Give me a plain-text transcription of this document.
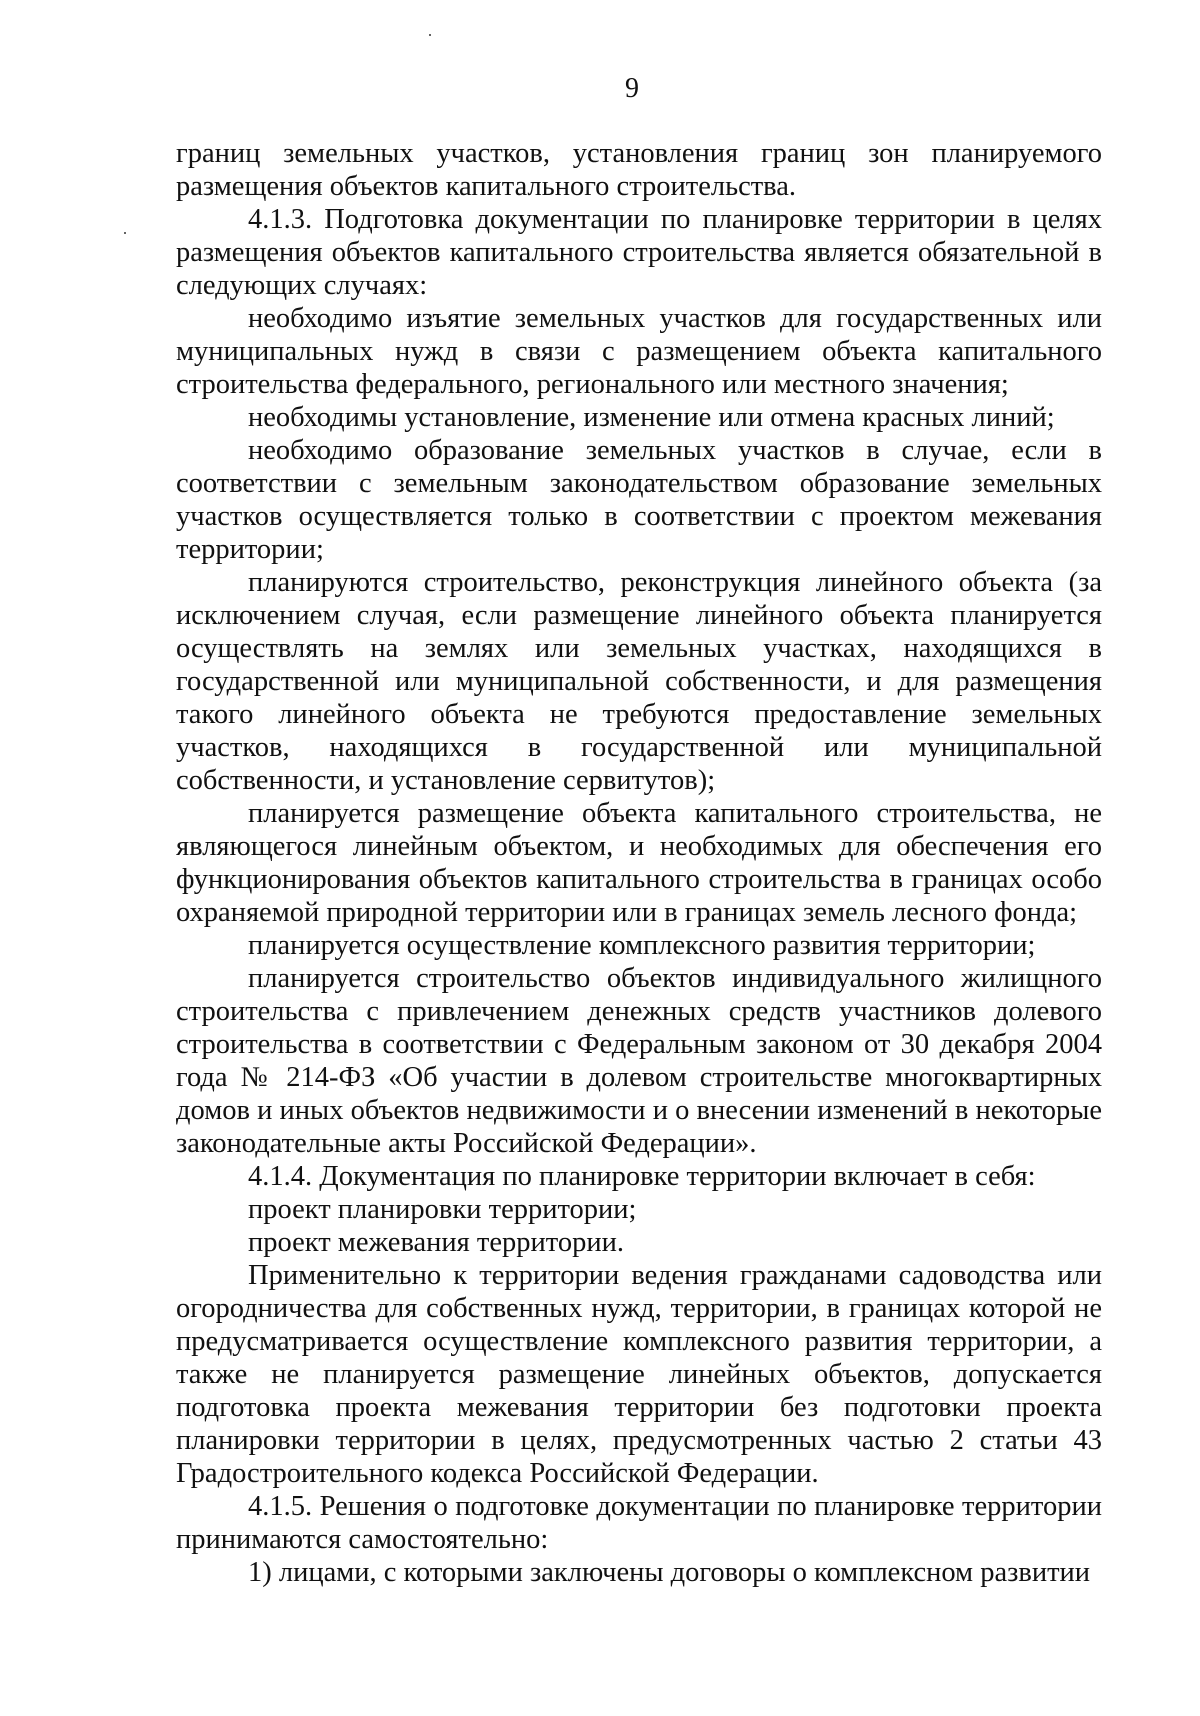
9

границ земельных участков, установления границ зон планируемого размещения объектов капитального строительства.

4.1.3. Подготовка документации по планировке территории в целях размещения объектов капитального строительства является обязательной в следующих случаях:

необходимо изъятие земельных участков для государственных или муниципальных нужд в связи с размещением объекта капитального строительства федерального, регионального или местного значения;

необходимы установление, изменение или отмена красных линий;

необходимо образование земельных участков в случае, если в соответствии с земельным законодательством образование земельных участков осуществляется только в соответствии с проектом межевания территории;

планируются строительство, реконструкция линейного объекта (за исключением случая, если размещение линейного объекта планируется осуществлять на землях или земельных участках, находящихся в государственной или муниципальной собственности, и для размещения такого линейного объекта не требуются предоставление земельных участков, находящихся в государственной или муниципальной собственности, и установление сервитутов);

планируется размещение объекта капитального строительства, не являющегося линейным объектом, и необходимых для обеспечения его функционирования объектов капитального строительства в границах особо охраняемой природной территории или в границах земель лесного фонда;

планируется осуществление комплексного развития территории;

планируется строительство объектов индивидуального жилищного строительства с привлечением денежных средств участников долевого строительства в соответствии с Федеральным законом от 30 декабря 2004 года № 214-ФЗ «Об участии в долевом строительстве многоквартирных домов и иных объектов недвижимости и о внесении изменений в некоторые законодательные акты Российской Федерации».

4.1.4. Документация по планировке территории включает в себя:

проект планировки территории;

проект межевания территории.

Применительно к территории ведения гражданами садоводства или огородничества для собственных нужд, территории, в границах которой не предусматривается осуществление комплексного развития территории, а также не планируется размещение линейных объектов, допускается подготовка проекта межевания территории без подготовки проекта планировки территории в целях, предусмотренных частью 2 статьи 43 Градостроительного кодекса Российской Федерации.

4.1.5. Решения о подготовке документации по планировке территории принимаются самостоятельно:

1) лицами, с которыми заключены договоры о комплексном развитии
